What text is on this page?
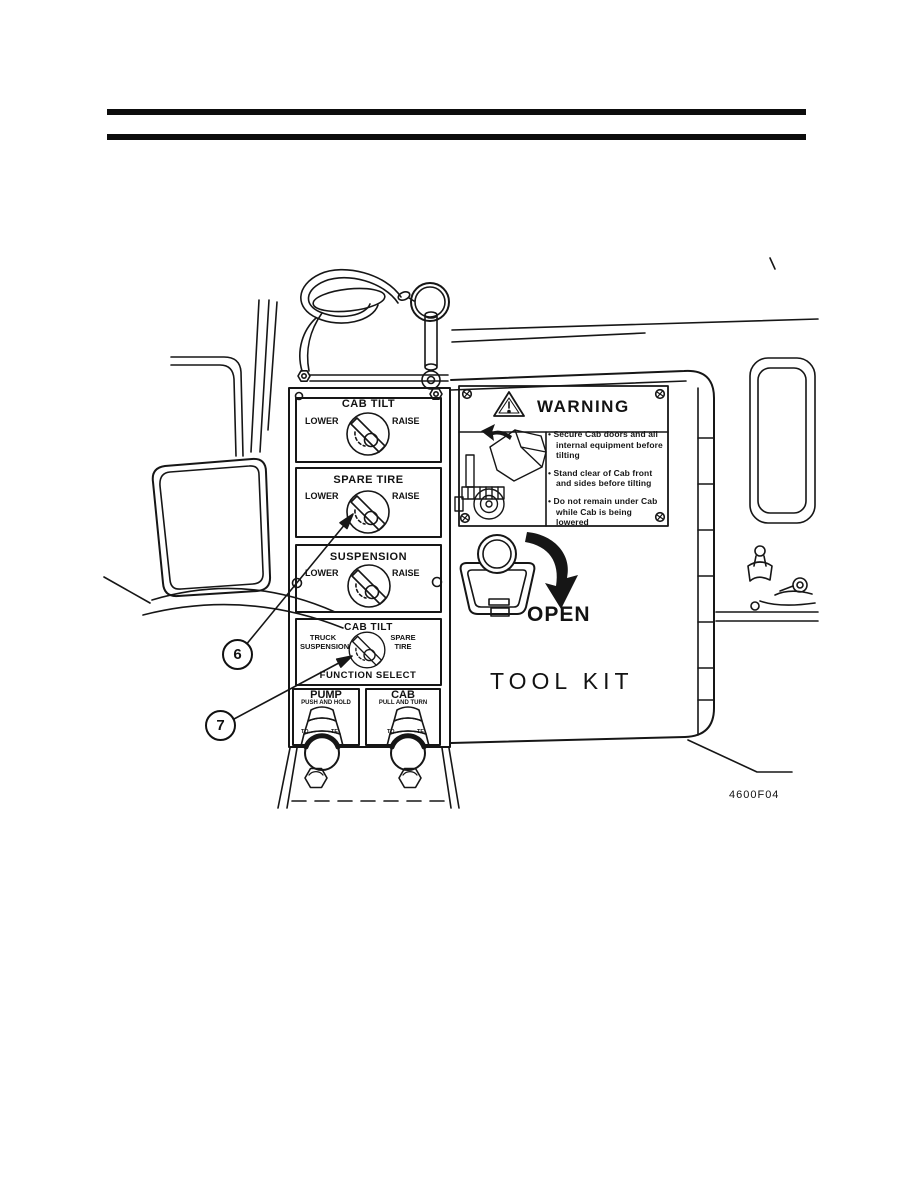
CAB TILT
LOWER	RAISE
SPARE TIRE
LOWER	RAISE
SUSPENSION
LOWER	RAISE
CAB TILT
TRUCK
SUSPENSION
SPARE
TIRE
FUNCTION SELECT
PUMP
PUSH AND HOLD
TO	TE
CAB
PULL AND TURN
TO	TE
WARNING

• Secure Cab doors and all internal equipment before tilting

• Stand clear of Cab front and sides before tilting

• Do not remain under Cab while Cab is being lowered

OPEN
TOOL KIT
6
7
4600F04
